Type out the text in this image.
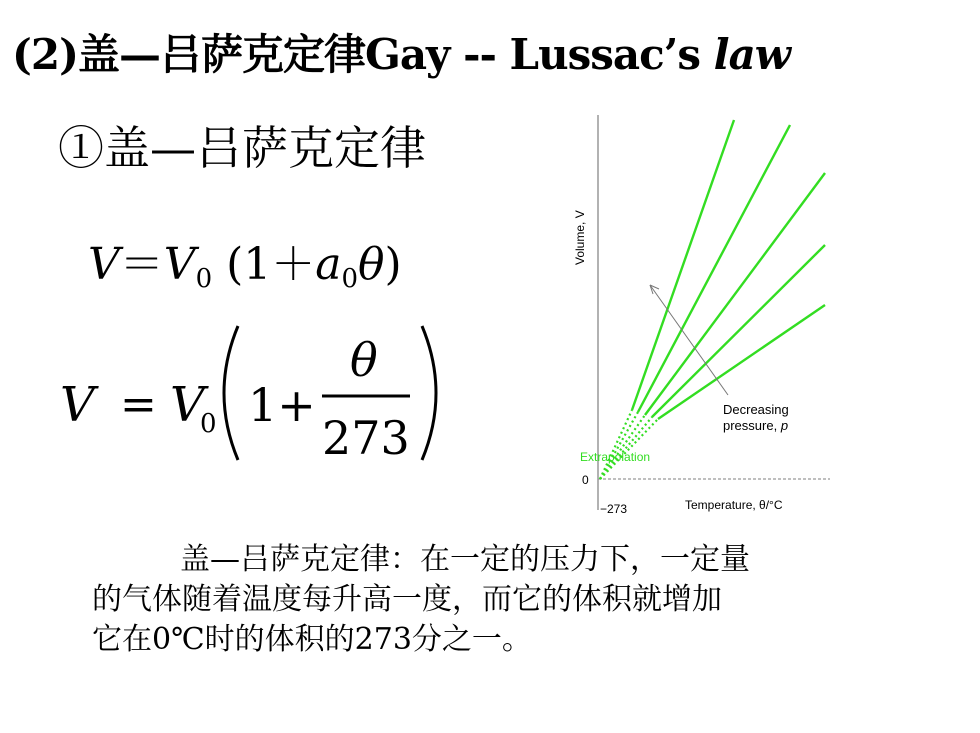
(2)盖—吕萨克定律Gay -- Lussac’s law
①盖—吕萨克定律
$V=V_0$ $(1+a_0\theta)$
V = V
0 1+
θ
273
Volume, V
Decreasing
pressure, p
Extrapolation
0
−273	Temperature, θ/°C
盖—吕萨克定律：在一定的压力下，一定量
的气体随着温度每升高一度，而它的体积就增加
它在0℃时的体积的273分之一。
